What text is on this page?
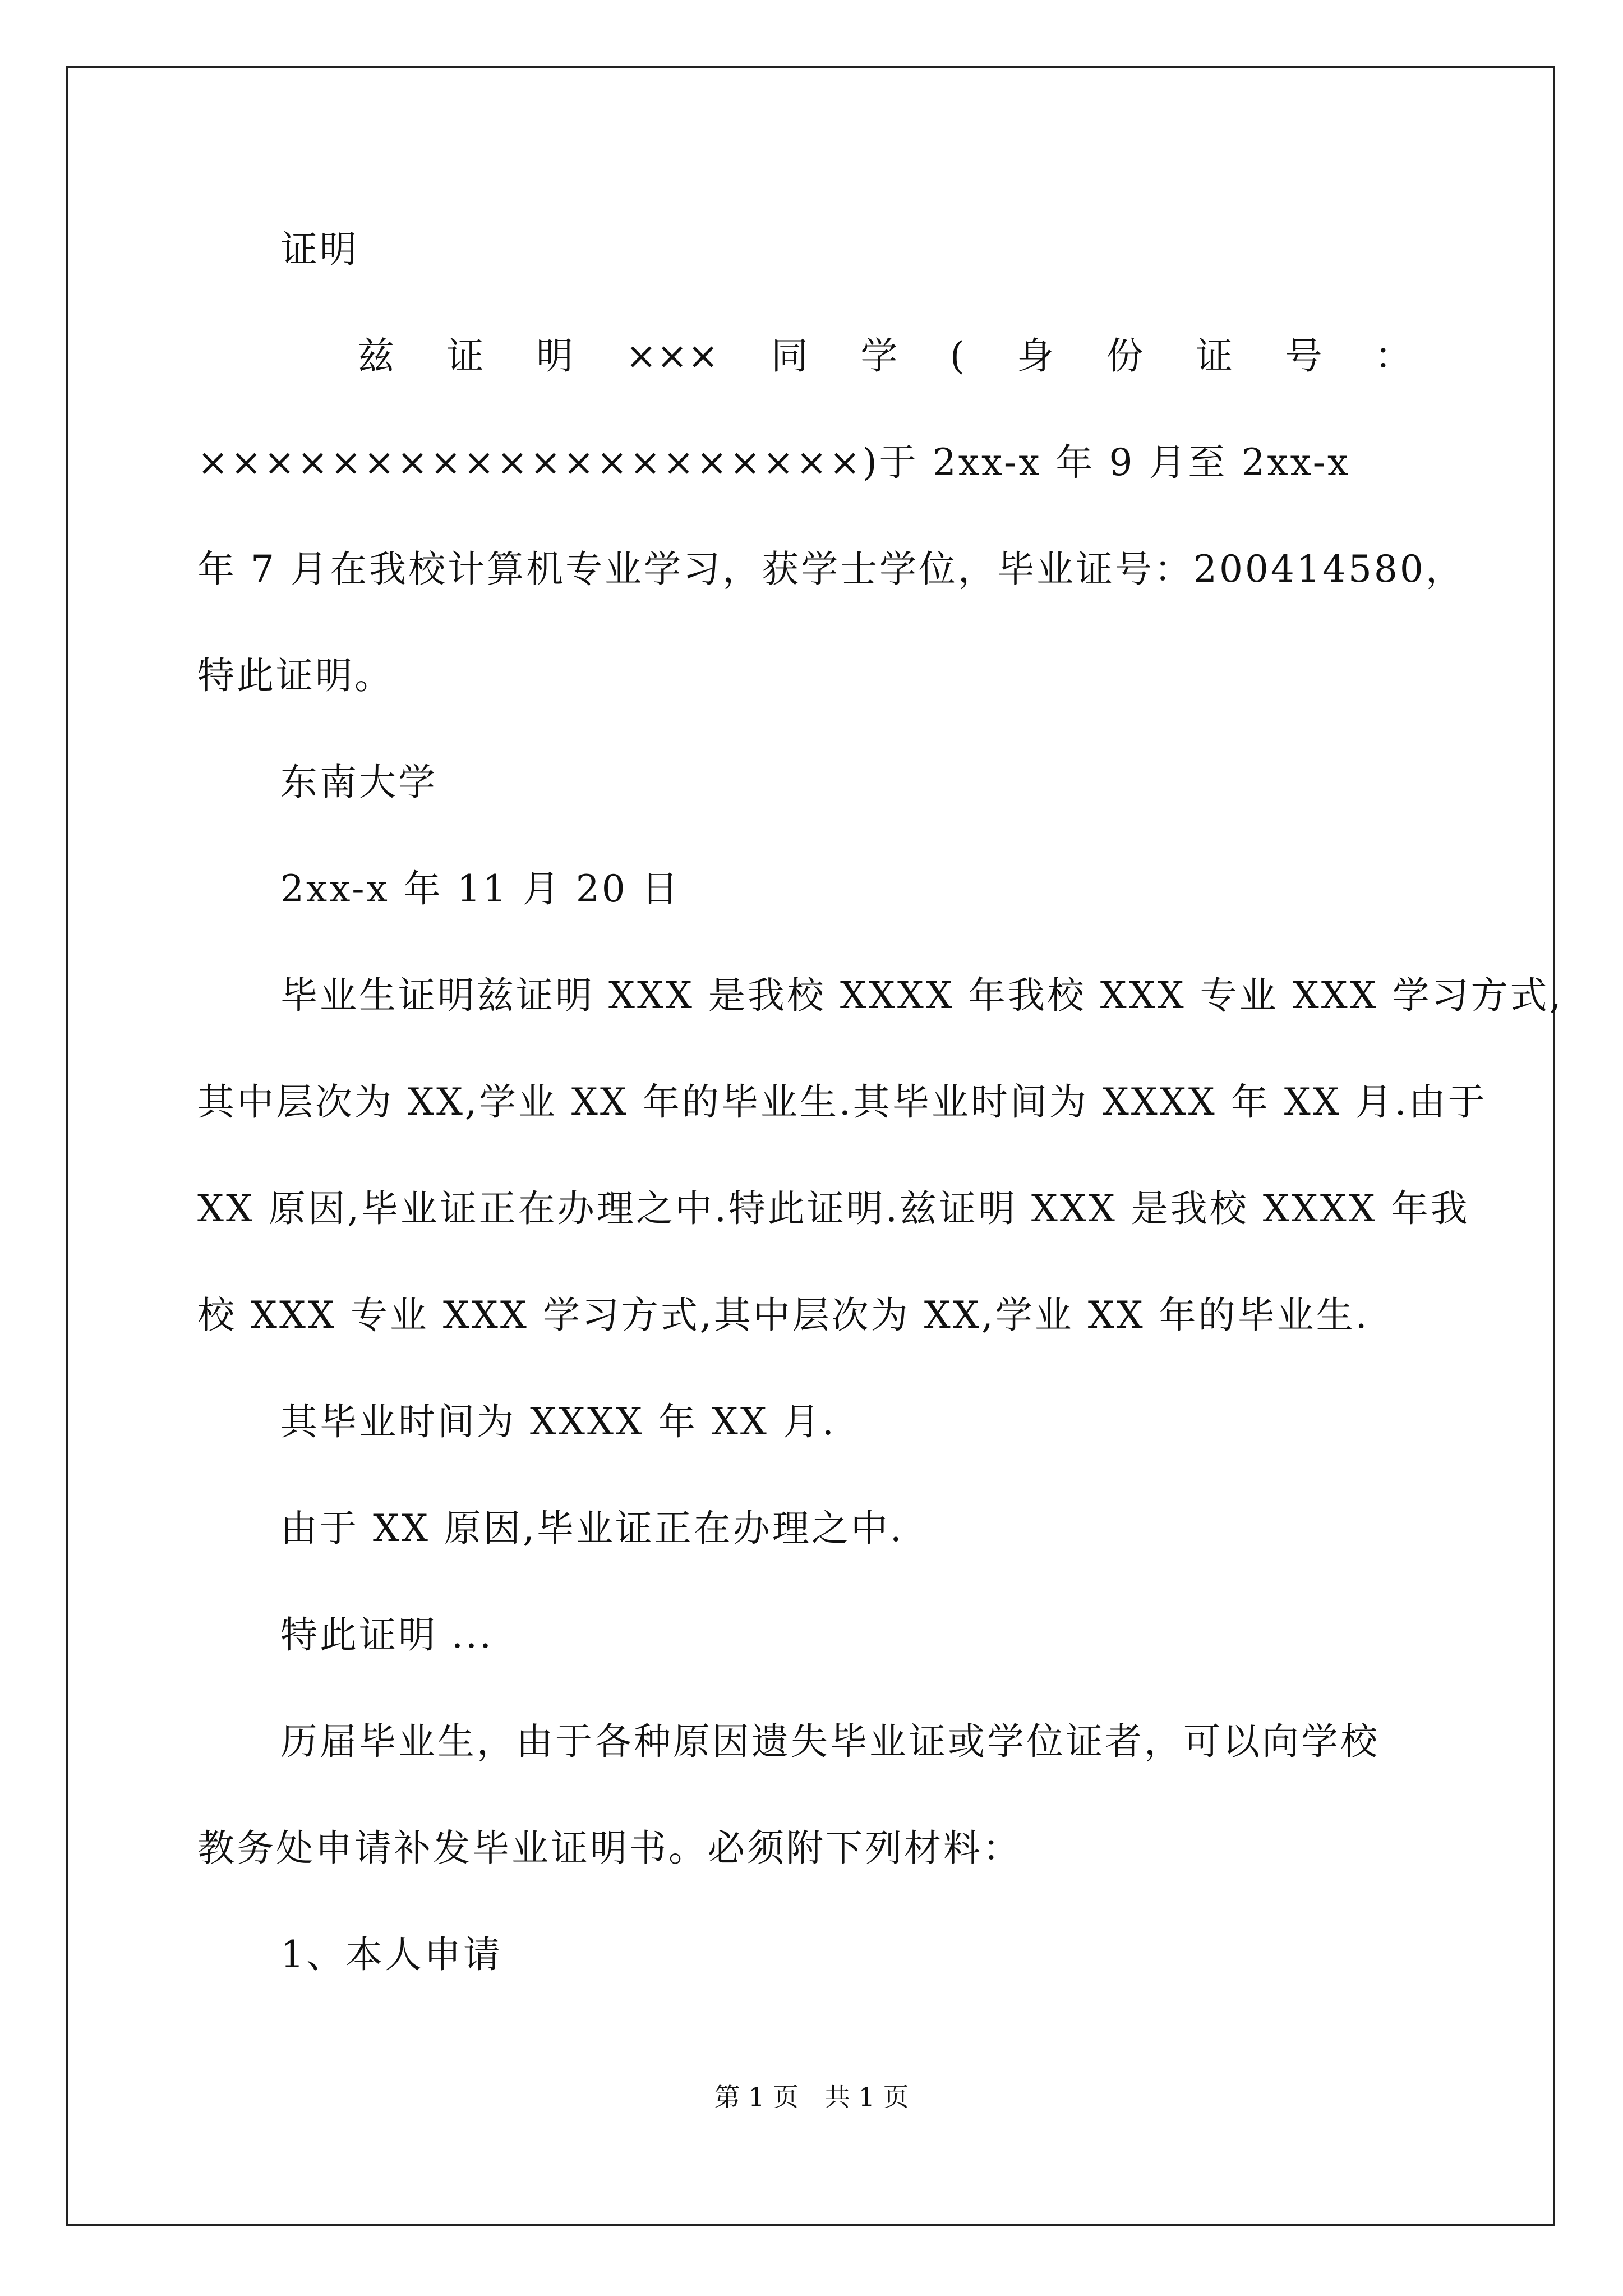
证明
兹 证 明 ××× 同 学 ( 身 份 证 号 ：
××××××××××××××××××××)于 2xx-x 年 9 月至 2xx-x
年 7 月在我校计算机专业学习，获学士学位，毕业证号：200414580，
特此证明。
东南大学
2xx-x 年 11 月 20 日
毕业生证明兹证明 XXX 是我校 XXXX 年我校 XXX 专业 XXX 学习方式,
其中层次为 XX,学业 XX 年的毕业生.其毕业时间为 XXXX 年 XX 月.由于
XX 原因,毕业证正在办理之中.特此证明.兹证明 XXX 是我校 XXXX 年我
校 XXX 专业 XXX 学习方式,其中层次为 XX,学业 XX 年的毕业生.
其毕业时间为 XXXX 年 XX 月.
由于 XX 原因,毕业证正在办理之中.
特此证明 ...
历届毕业生，由于各种原因遗失毕业证或学位证者，可以向学校
教务处申请补发毕业证明书。必须附下列材料：
1、本人申请
第 1 页　共 1 页
